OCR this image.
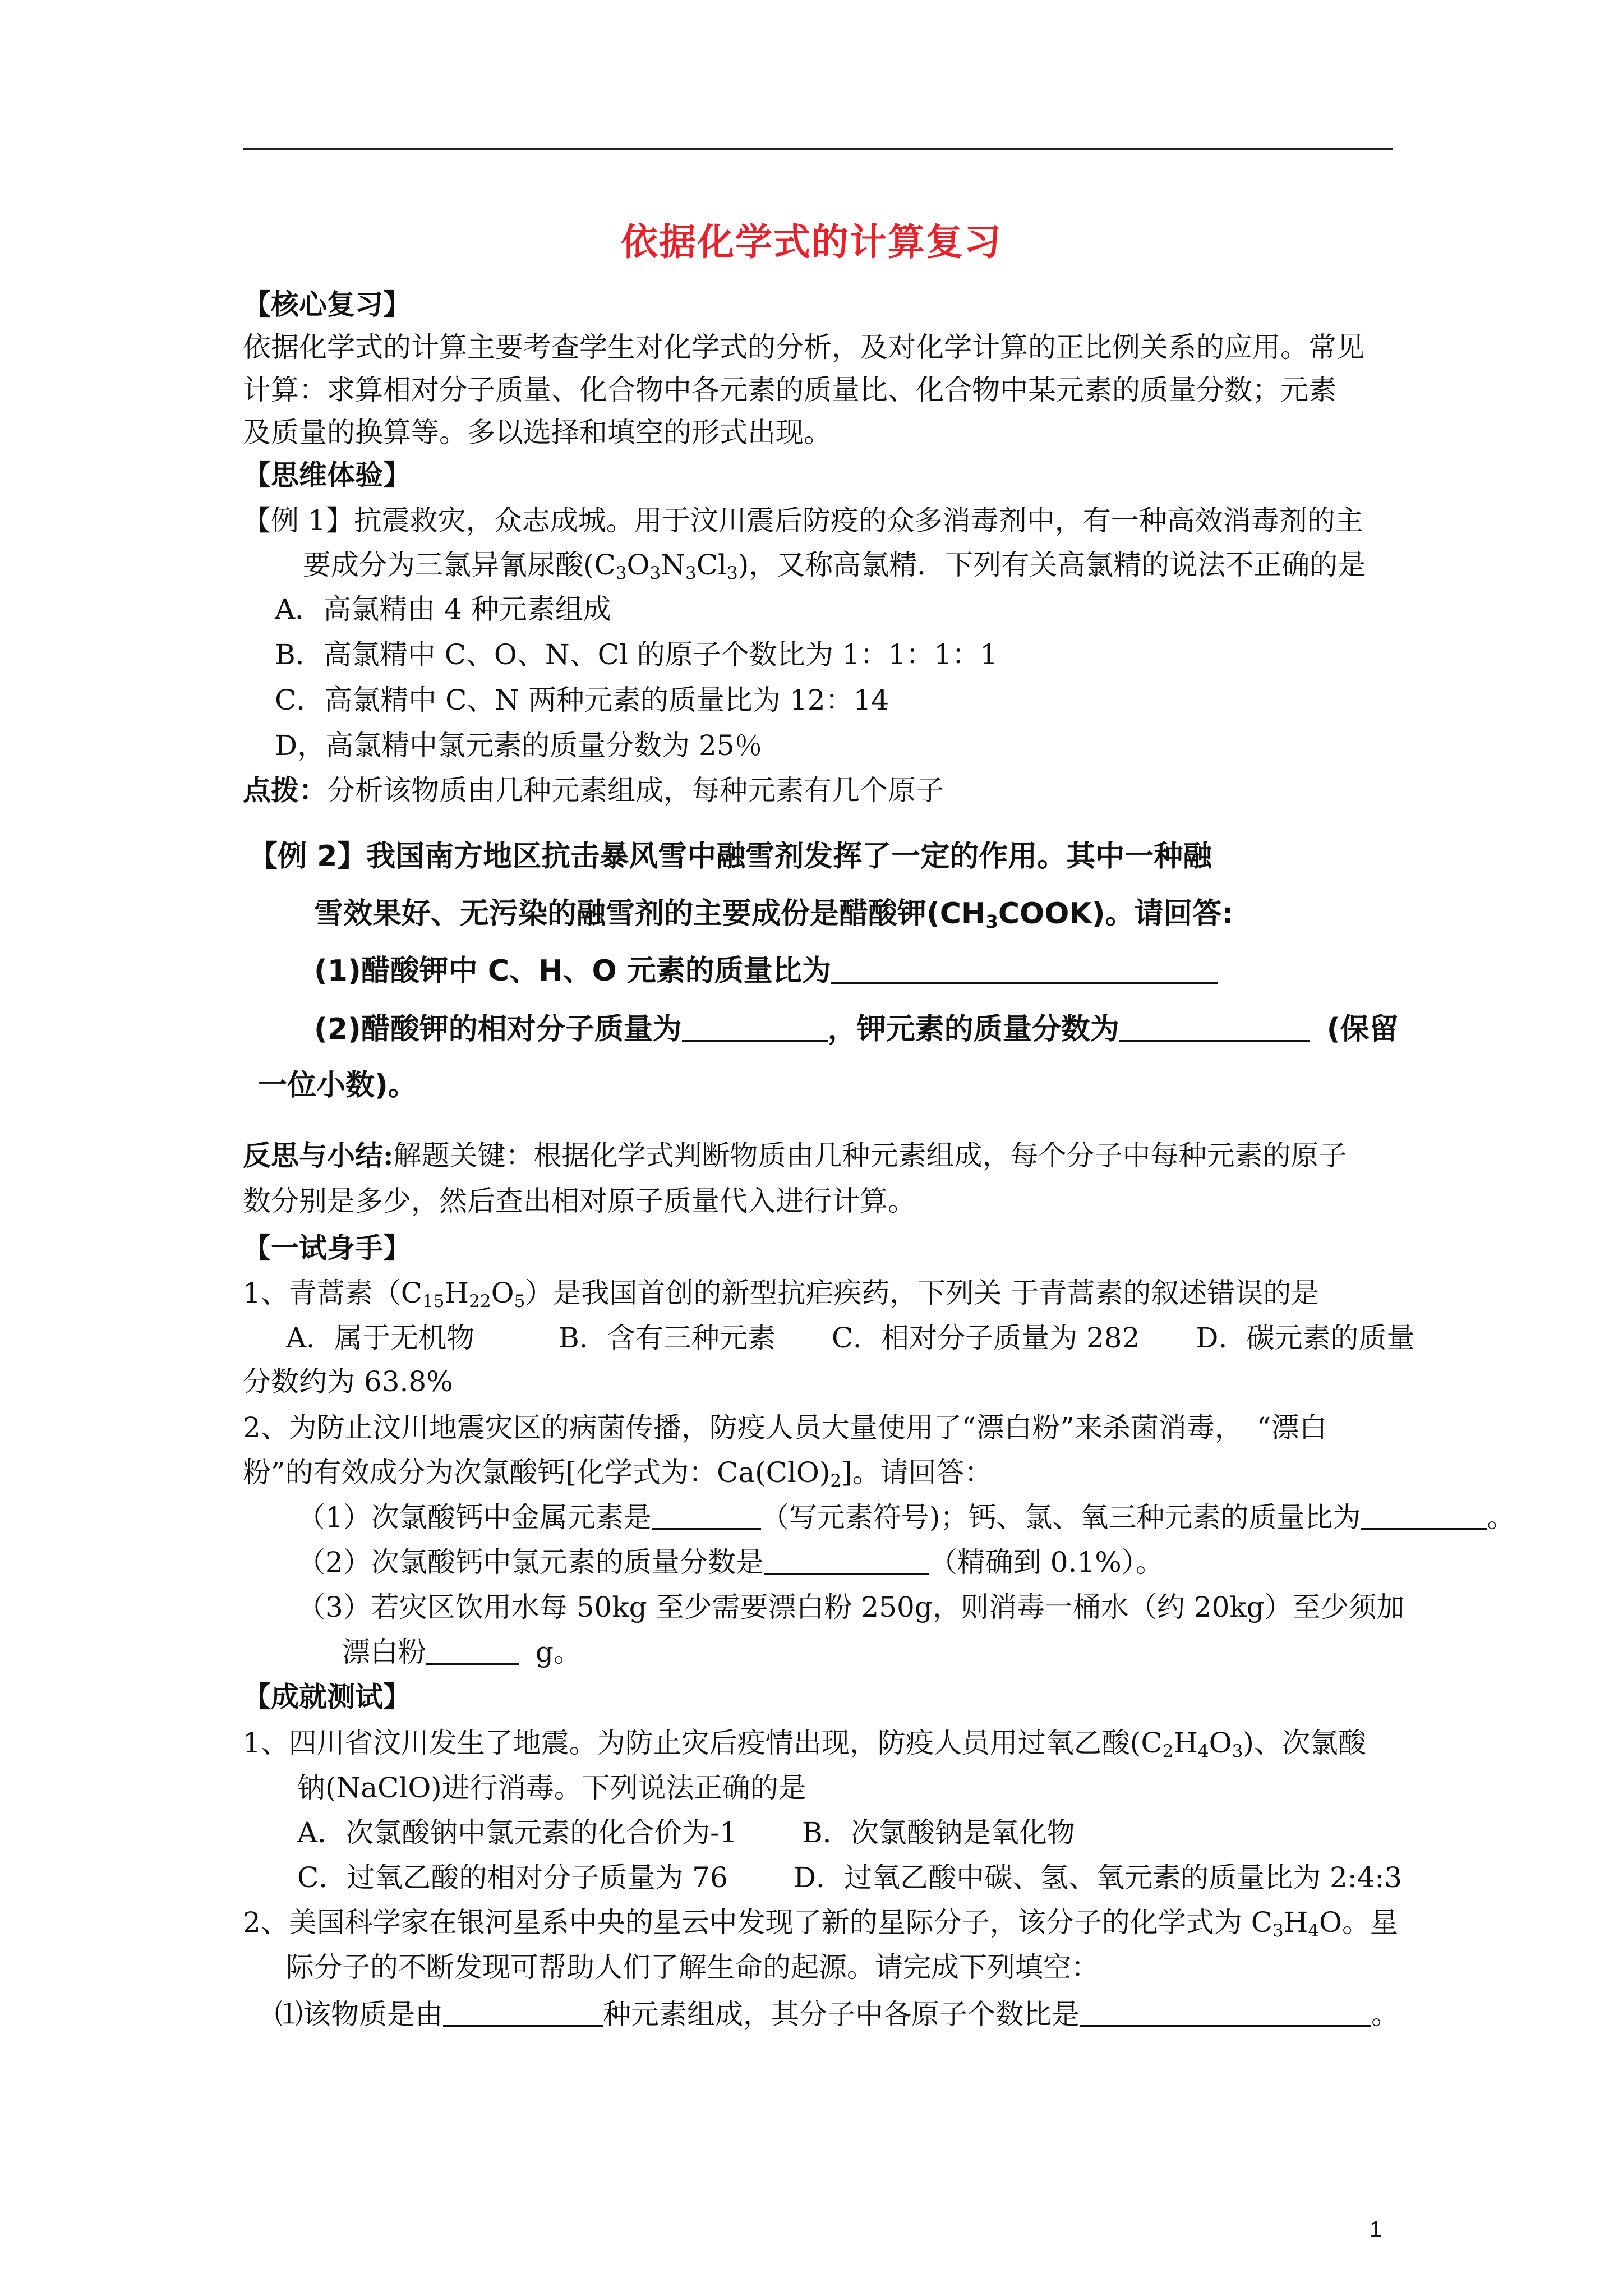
依据化学式的计算复习
【核心复习】
依据化学式的计算主要考查学生对化学式的分析，及对化学计算的正比例关系的应用。常见
计算：求算相对分子质量、化合物中各元素的质量比、化合物中某元素的质量分数；元素
及质量的换算等。多以选择和填空的形式出现。
【思维体验】
【例 1】抗震救灾，众志成城。用于汶川震后防疫的众多消毒剂中，有一种高效消毒剂的主
要成分为三氯异氰尿酸$(C_3O_3N_3Cl_3)$，又称高氯精．下列有关高氯精的说法不正确的是
A．高氯精由 4 种元素组成
B．高氯精中 C、O、N、Cl 的原子个数比为 1：1：1：1
C．高氯精中 C、N 两种元素的质量比为 12：14
D，高氯精中氯元素的质量分数为 25％
点拨：分析该物质由几种元素组成，每种元素有几个原子
【例 2】我国南方地区抗击暴风雪中融雪剂发挥了一定的作用。其中一种融
雪效果好、无污染的融雪剂的主要成份是醋酸钾$(CH_3COOK)$。请回答:
(1)醋酸钾中 C、H、O 元素的质量比为
(2)醋酸钾的相对分子质量为	，钾元素的质量分数为	(保留
一位小数)。
反思与小结:解题关键：根据化学式判断物质由几种元素组成，每个分子中每种元素的原子
数分别是多少，然后查出相对原子质量代入进行计算。
【一试身手】
1、青蒿素$(C_{15}H_{22}O_5)$是我国首创的新型抗疟疾药，下列关 于青蒿素的叙述错误的是
A．属于无机物　　　B．含有三种元素　　C．相对分子质量为 282　　D．碳元素的质量
分数约为 63.8%
2、为防止汶川地震灾区的病菌传播，防疫人员大量使用了“漂白粉”来杀菌消毒，　“漂白
粉”的有效成分为次氯酸钙[化学式为：$Ca(ClO)_2$]。请回答：
（1）次氯酸钙中金属元素是	（写元素符号)；钙、氯、氧三种元素的质量比为	。
（2）次氯酸钙中氯元素的质量分数是	（精确到 0.1%）。
（3）若灾区饮用水每 50kg 至少需要漂白粉 250g，则消毒一桶水（约 20kg）至少须加
漂白粉	g。
【成就测试】
1、四川省汶川发生了地震。为防止灾后疫情出现，防疫人员用过氧乙酸$(C_2H_4O_3)$、次氯酸
钠(NaClO)进行消毒。下列说法正确的是
A．次氯酸钠中氯元素的化合价为-1 B．次氯酸钠是氧化物
C．过氧乙酸的相对分子质量为 76 D．过氧乙酸中碳、氢、氧元素的质量比为 2:4:3
2、美国科学家在银河星系中央的星云中发现了新的星际分子，该分子的化学式为 $C_3H_4O$。星
际分子的不断发现可帮助人们了解生命的起源。请完成下列填空：
⑴该物质是由	种元素组成，其分子中各原子个数比是	。
1
